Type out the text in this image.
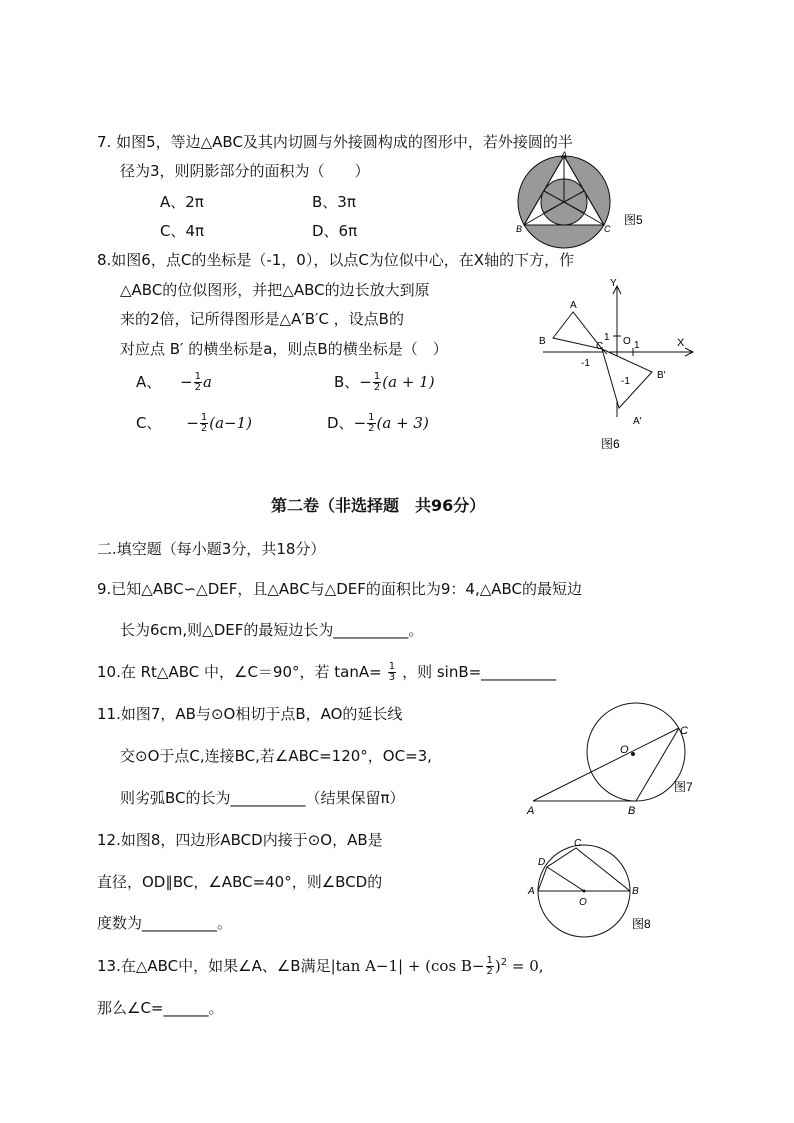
7. 如图5，等边△ABC及其内切圆与外接圆构成的图形中，若外接圆的半
径为3，则阴影部分的面积为（　　）
A、2π	B、3π
C、4π	D、6π
A
B	C
图5
8.如图6，点C的坐标是（-1，0），以点C为位似中心，在X轴的下方，作
△ABC的位似图形，并把△ABC的边长放大到原
来的2倍，记所得图形是△A′B′C ，设点B的
对应点 B′ 的横坐标是a，则点B的横坐标是（　）
A、 − $\frac{1}{2}$ a	B、− $\frac{1}{2} (a + 1)$
C、 − $\frac{1}{2} (a-1)$	D、− $\frac{1}{2} (a + 3)$
Y
X
A
B	C O
1
1
-1
-1
B′
A′
图6
第二卷（非选择题　共96分）
二.填空题（每小题3分，共18分）
9.已知△ABC∽△DEF，且△ABC与△DEF的面积比为9：4,△ABC的最短边
长为6cm,则△DEF的最短边长为__________。
10.在 Rt△ABC 中，∠C＝90°，若 $\tan A= \frac{1}{3}$ ，则 sinB=__________
11.如图7，AB与⊙O相切于点B，AO的延长线
交⊙O于点C,连接BC,若∠ABC=120°，OC=3,
则劣弧BC的长为__________（结果保留π）
A	B
C
O
图7
12.如图8，四边形ABCD内接于⊙O，AB是
直径，OD∥BC，∠ABC=40°，则∠BCD的
度数为__________。
A	B
C
D
O
图8
13.在△ABC中，如果∠A、∠B满足|tan A−1| + (cos $B- \frac{1}{2} )^2 = 0$,
那么∠C=______。
